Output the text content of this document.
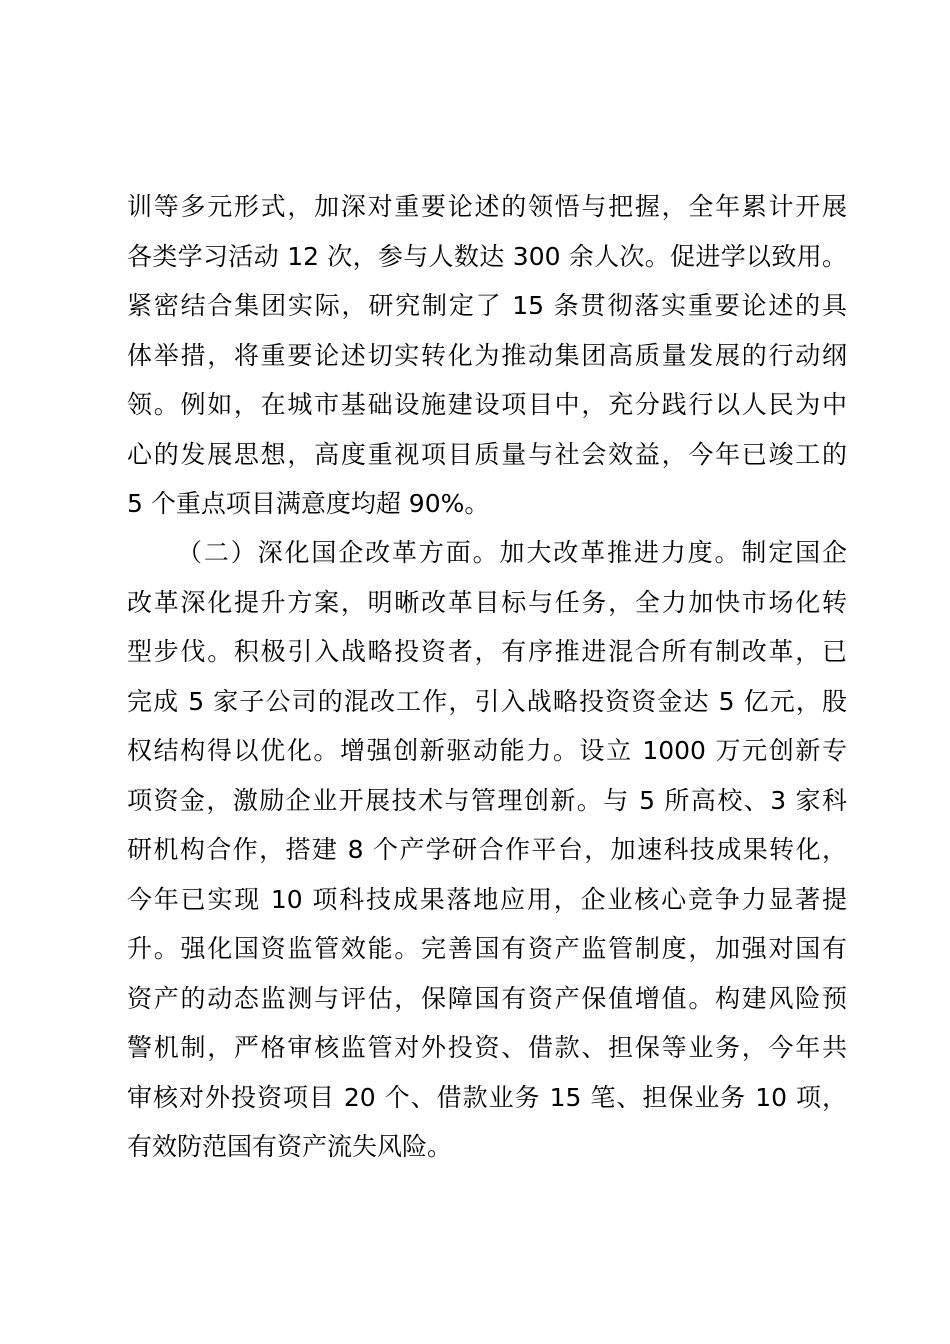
训等多元形式，加深对重要论述的领悟与把握，全年累计开展
各类学习活动 12 次，参与人数达 300 余人次。促进学以致用。
紧密结合集团实际，研究制定了 15 条贯彻落实重要论述的具
体举措，将重要论述切实转化为推动集团高质量发展的行动纲
领。例如，在城市基础设施建设项目中，充分践行以人民为中
心的发展思想，高度重视项目质量与社会效益，今年已竣工的
5 个重点项目满意度均超 90%。
（二）深化国企改革方面。加大改革推进力度。制定国企
改革深化提升方案，明晰改革目标与任务，全力加快市场化转
型步伐。积极引入战略投资者，有序推进混合所有制改革，已
完成 5 家子公司的混改工作，引入战略投资资金达 5 亿元，股
权结构得以优化。增强创新驱动能力。设立 1000 万元创新专
项资金，激励企业开展技术与管理创新。与 5 所高校、3 家科
研机构合作，搭建 8 个产学研合作平台，加速科技成果转化，
今年已实现 10 项科技成果落地应用，企业核心竞争力显著提
升。强化国资监管效能。完善国有资产监管制度，加强对国有
资产的动态监测与评估，保障国有资产保值增值。构建风险预
警机制，严格审核监管对外投资、借款、担保等业务，今年共
审核对外投资项目 20 个、借款业务 15 笔、担保业务 10 项，
有效防范国有资产流失风险。
